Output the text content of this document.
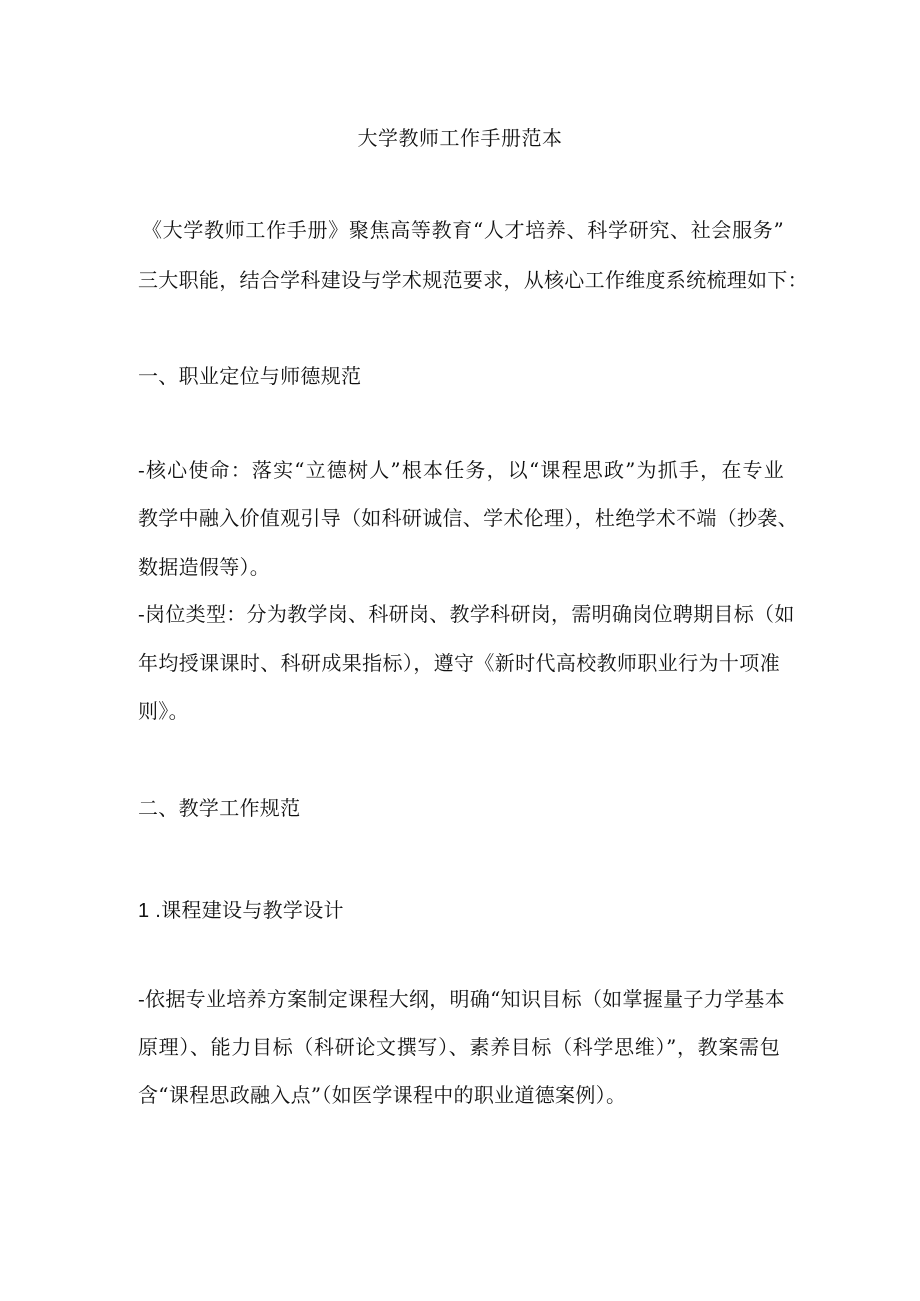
大学教师工作手册范本
《大学教师工作手册》聚焦高等教育“人才培养、科学研究、社会服务”
三大职能，结合学科建设与学术规范要求，从核心工作维度系统梳理如下：
一、职业定位与师德规范
-核心使命：落实“立德树人”根本任务，以“课程思政”为抓手，在专业
教学中融入价值观引导（如科研诚信、学术伦理），杜绝学术不端（抄袭、
数据造假等）。
-岗位类型：分为教学岗、科研岗、教学科研岗，需明确岗位聘期目标（如
年均授课课时、科研成果指标），遵守《新时代高校教师职业行为十项准
则》。
二、教学工作规范
1 .课程建设与教学设计
-依据专业培养方案制定课程大纲，明确“知识目标（如掌握量子力学基本
原理）、能力目标（科研论文撰写）、素养目标（科学思维）”，教案需包
含“课程思政融入点”（如医学课程中的职业道德案例）。
